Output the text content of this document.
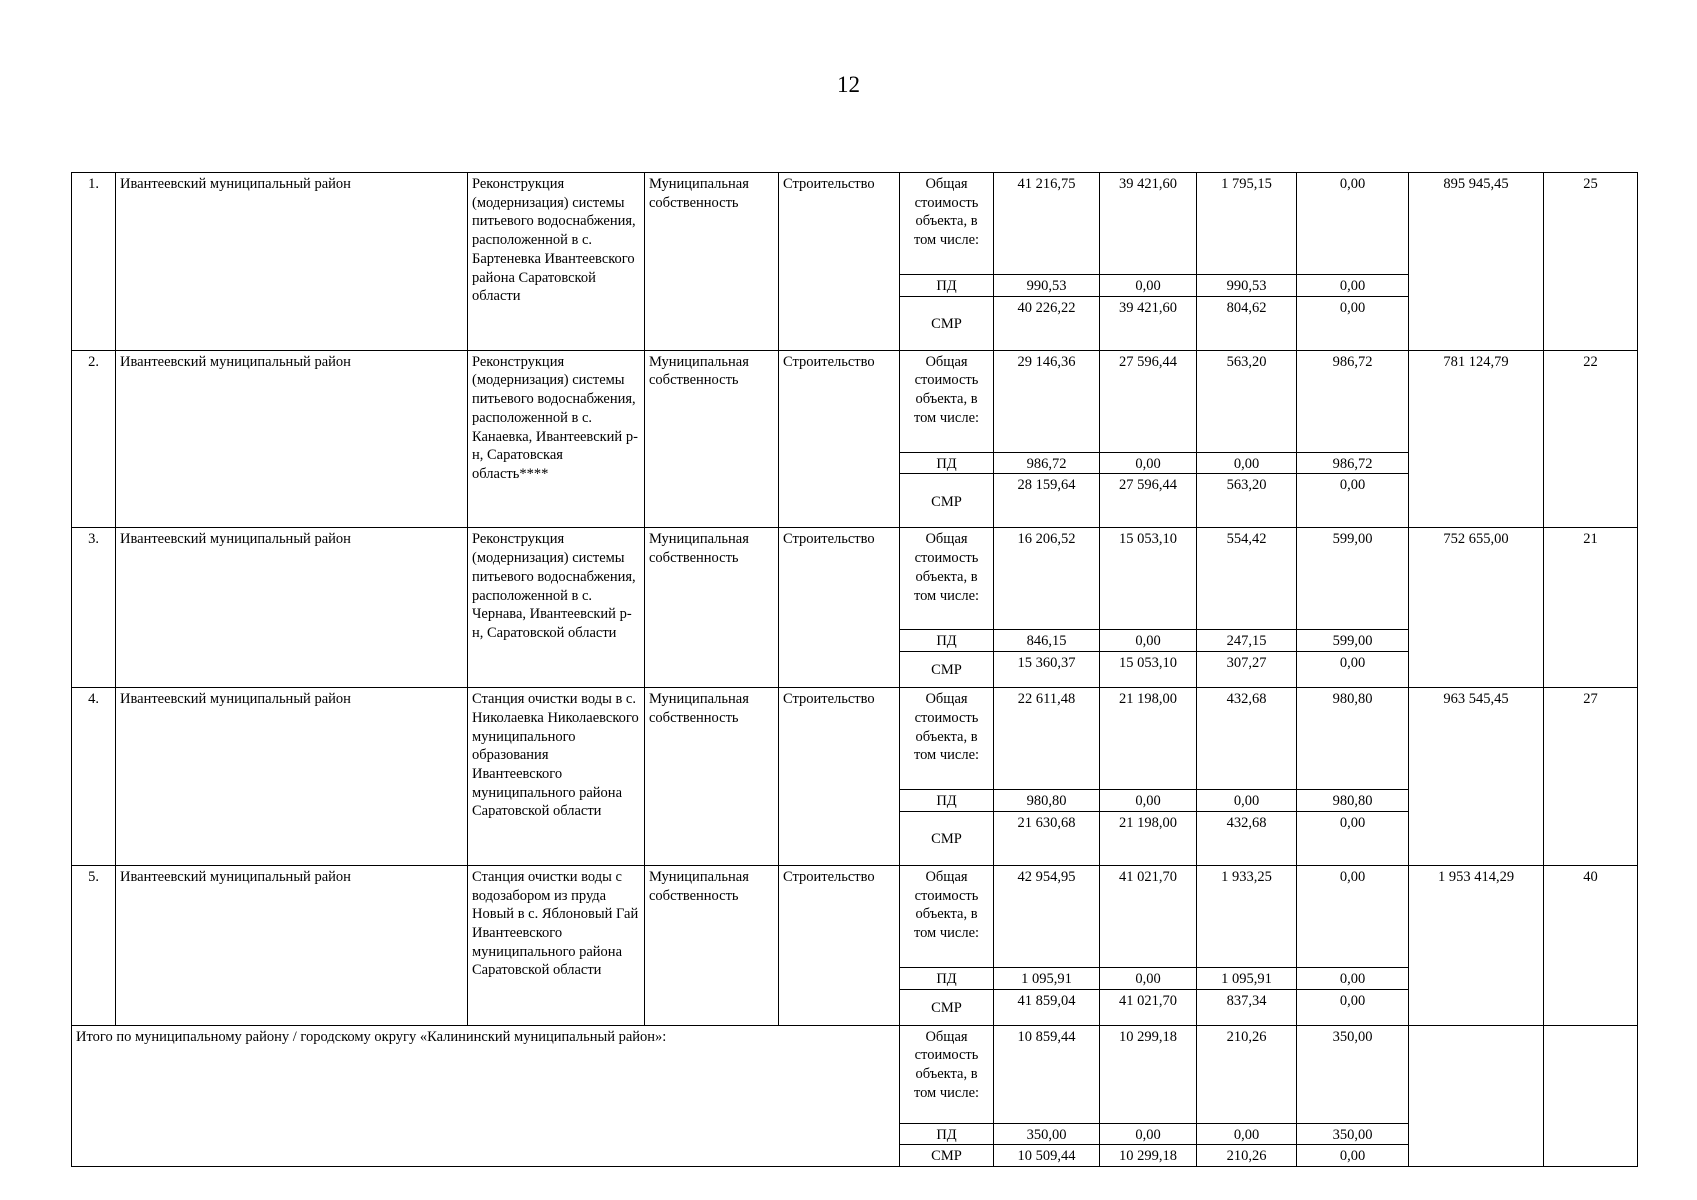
12
1.	Ивантеевский муниципальный район	Реконструкция (модернизация) системы питьевого водоснабжения, расположенной в с. Бартеневка Ивантеевского района Саратовской области	Муниципальная собственность	Строительство	Общая стоимость объекта, в том числе:	41 216,75	39 421,60	1 795,15	0,00	895 945,45	25
					ПД	990,53	0,00	990,53	0,00		
					СМР	40 226,22	39 421,60	804,62	0,00		
2.	Ивантеевский муниципальный район	Реконструкция (модернизация) системы питьевого водоснабжения, расположенной в с. Канаевка, Ивантеевский р-н, Саратовская область****	Муниципальная собственность	Строительство	Общая стоимость объекта, в том числе:	29 146,36	27 596,44	563,20	986,72	781 124,79	22
					ПД	986,72	0,00	0,00	986,72		
					СМР	28 159,64	27 596,44	563,20	0,00		
3.	Ивантеевский муниципальный район	Реконструкция (модернизация) системы питьевого водоснабжения, расположенной в с. Чернава, Ивантеевский р-н, Саратовской области	Муниципальная собственность	Строительство	Общая стоимость объекта, в том числе:	16 206,52	15 053,10	554,42	599,00	752 655,00	21
					ПД	846,15	0,00	247,15	599,00		
					СМР	15 360,37	15 053,10	307,27	0,00		
4.	Ивантеевский муниципальный район	Станция очистки воды в с. Николаевка Николаевского муниципального образования Ивантеевского муниципального района Саратовской области	Муниципальная собственность	Строительство	Общая стоимость объекта, в том числе:	22 611,48	21 198,00	432,68	980,80	963 545,45	27
					ПД	980,80	0,00	0,00	980,80		
					СМР	21 630,68	21 198,00	432,68	0,00		
5.	Ивантеевский муниципальный район	Станция очистки воды с водозабором из пруда Новый в с. Яблоновый Гай Ивантеевского муниципального района Саратовской области	Муниципальная собственность	Строительство	Общая стоимость объекта, в том числе:	42 954,95	41 021,70	1 933,25	0,00	1 953 414,29	40
					ПД	1 095,91	0,00	1 095,91	0,00		
					СМР	41 859,04	41 021,70	837,34	0,00		
Итого по муниципальному району / городскому округу «Калининский муниципальный район»:					Общая стоимость объекта, в том числе:	10 859,44	10 299,18	210,26	350,00		
					ПД	350,00	0,00	0,00	350,00		
					СМР	10 509,44	10 299,18	210,26	0,00		
